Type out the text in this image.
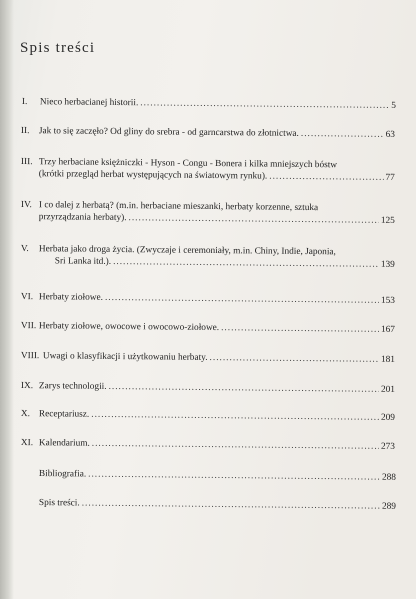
Spis treści
I.	Nieco herbacianej historii. .....	5
II.	Jak to się zaczęło? Od gliny do srebra - od garncarstwa do złotnictwa. .....	63
III. Trzy herbaciane księżniczki - Hyson - Congu - Bonera i kilka mniejszych bóstw
(krótki przegląd herbat występujących na światowym rynku). .....	77
IV. I co dalej z herbatą? (m.in. herbaciane mieszanki, herbaty korzenne, sztuka
przyrządzania herbaty). .....	125
V.	Herbata jako droga życia. (Zwyczaje i ceremoniały, m.in. Chiny, Indie, Japonia,
Sri Lanka itd.). .....	139
VI. Herbaty ziołowe. .....	153
VII. Herbaty ziołowe, owocowe i owocowo-ziołowe. .....	167
VIII. Uwagi o klasyfikacji i użytkowaniu herbaty. .....	181
IX. Zarys technologii. .....	201
X. Receptariusz. .....	209
XI. Kalendarium. .....	273
Bibliografia. .....	288
Spis treści. .....	289
